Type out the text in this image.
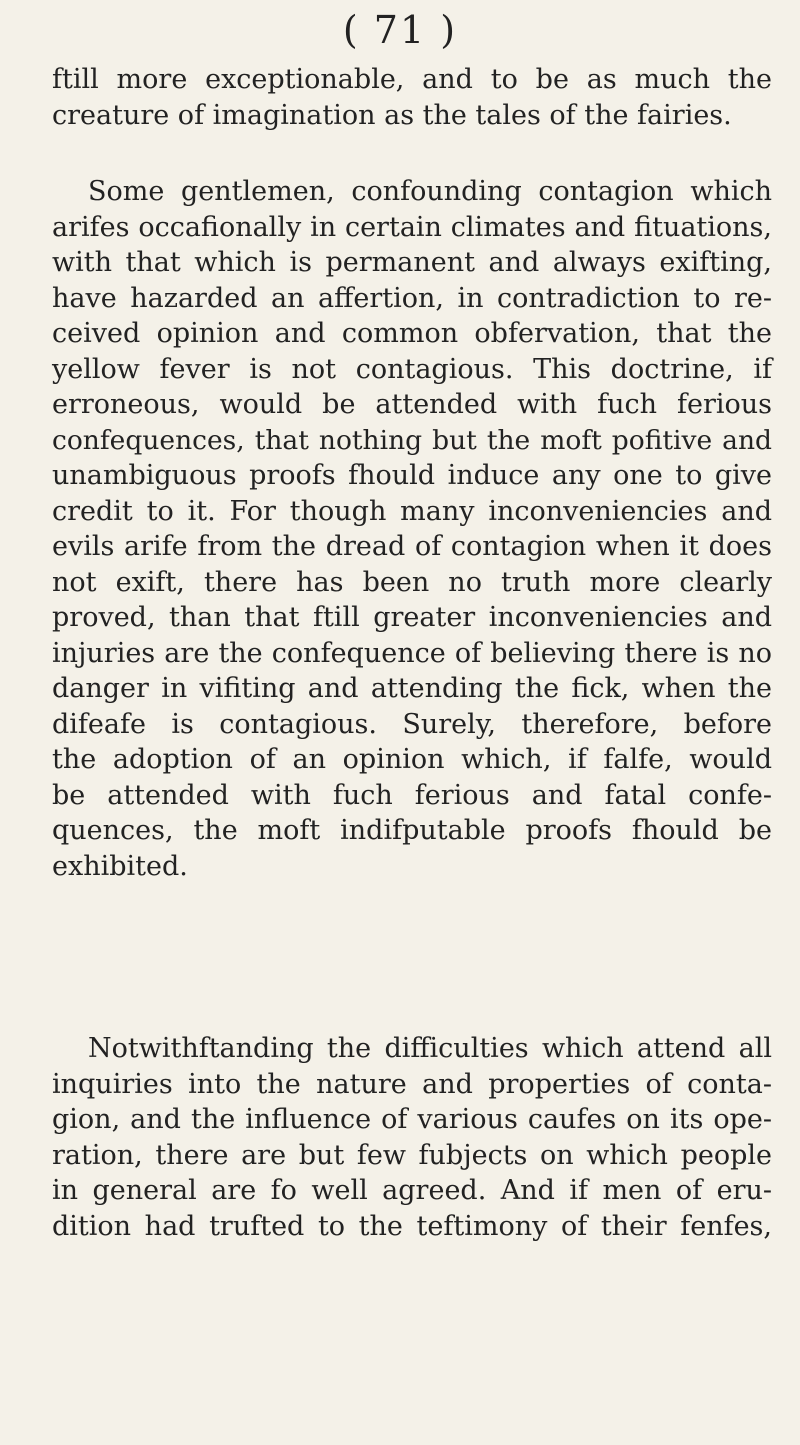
( 71 )
ftill more exceptionable, and to be as much the
creature of imagination as the tales of the fairies.
Some gentlemen, confounding contagion which
arifes occafionally in certain climates and fituations,
with that which is permanent and always exifting,
have hazarded an affertion, in contradiction to re-
ceived opinion and common obfervation, that the
yellow fever is not contagious. This doctrine, if
erroneous, would be attended with fuch ferious
confequences, that nothing but the moft pofitive and
unambiguous proofs fhould induce any one to give
credit to it. For though many inconveniencies and
evils arife from the dread of contagion when it does
not exift, there has been no truth more clearly
proved, than that ftill greater inconveniencies and
injuries are the confequence of believing there is no
danger in vifiting and attending the fick, when the
difeafe is contagious. Surely, therefore, before
the adoption of an opinion which, if falfe, would
be attended with fuch ferious and fatal confe-
quences, the moft indifputable proofs fhould be
exhibited.
Notwithftanding the difficulties which attend all
inquiries into the nature and properties of conta-
gion, and the influence of various caufes on its ope-
ration, there are but few fubjects on which people
in general are fo well agreed. And if men of eru-
dition had trufted to the teftimony of their fenfes,
